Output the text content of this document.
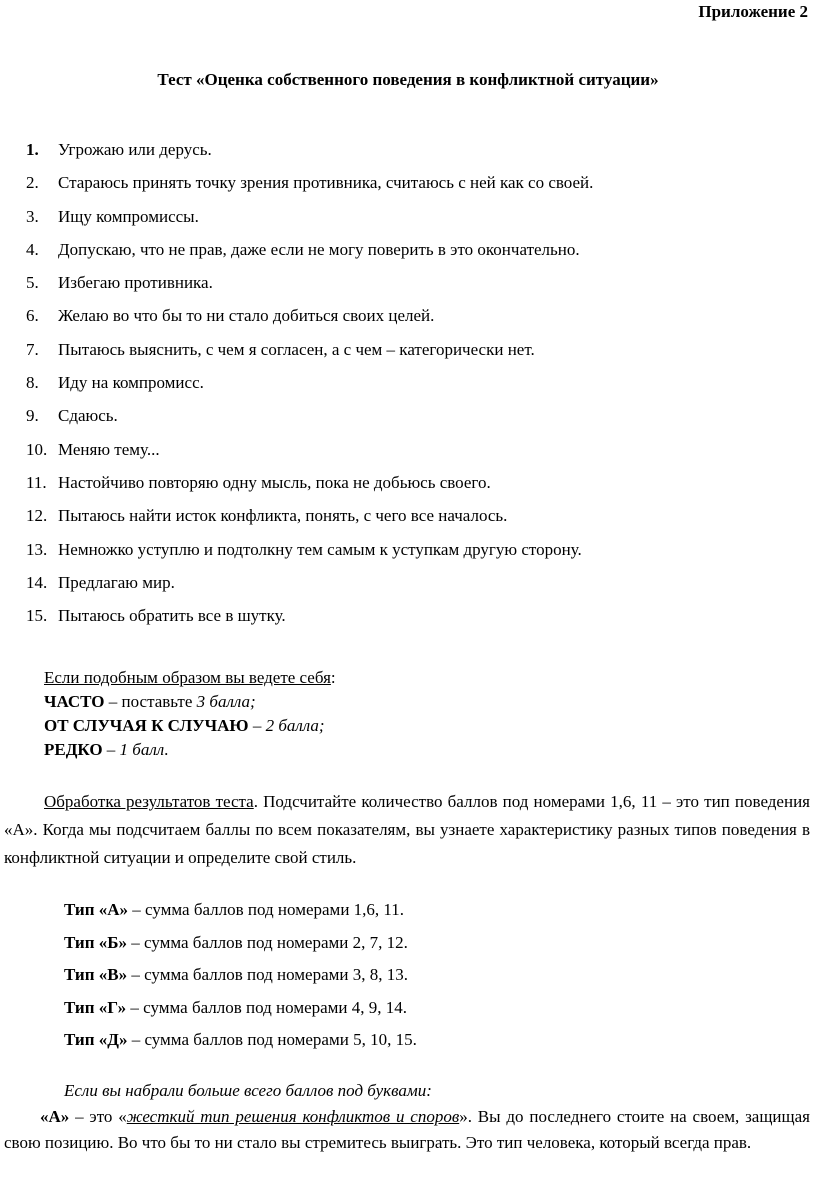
Приложение 2
Тест «Оценка собственного поведения в конфликтной ситуации»
1. Угрожаю или дерусь.
2. Стараюсь принять точку зрения противника, считаюсь с ней как со своей.
3. Ищу компромиссы.
4. Допускаю, что не прав, даже если не могу поверить в это окончательно.
5. Избегаю противника.
6. Желаю во что бы то ни стало добиться своих целей.
7. Пытаюсь выяснить, с чем я согласен, а с чем – категорически нет.
8. Иду на компромисс.
9. Сдаюсь.
10. Меняю тему...
11. Настойчиво повторяю одну мысль, пока не добьюсь своего.
12. Пытаюсь найти исток конфликта, понять, с чего все началось.
13. Немножко уступлю и подтолкну тем самым к уступкам другую сторону.
14. Предлагаю мир.
15. Пытаюсь обратить все в шутку.
Если подобным образом вы ведете себя:
ЧАСТО – поставьте 3 балла;
ОТ СЛУЧАЯ К СЛУЧАЮ – 2 балла;
РЕДКО – 1 балл.

Обработка результатов теста. Подсчитайте количество баллов под номерами 1,6, 11 – это тип поведения «А». Когда мы подсчитаем баллы по всем показателям, вы узнаете характеристику разных типов поведения в конфликтной ситуации и определите свой стиль.

Тип «А» – сумма баллов под номерами 1,6, 11.
Тип «Б» – сумма баллов под номерами 2, 7, 12.
Тип «В» – сумма баллов под номерами 3, 8, 13.
Тип «Г» – сумма баллов под номерами 4, 9, 14.
Тип «Д» – сумма баллов под номерами 5, 10, 15.
Если вы набрали больше всего баллов под буквами:

«А» – это «жесткий тип решения конфликтов и споров». Вы до последнего стоите на своем, защищая свою позицию. Во что бы то ни стало вы стремитесь выиграть. Это тип человека, который всегда прав.
